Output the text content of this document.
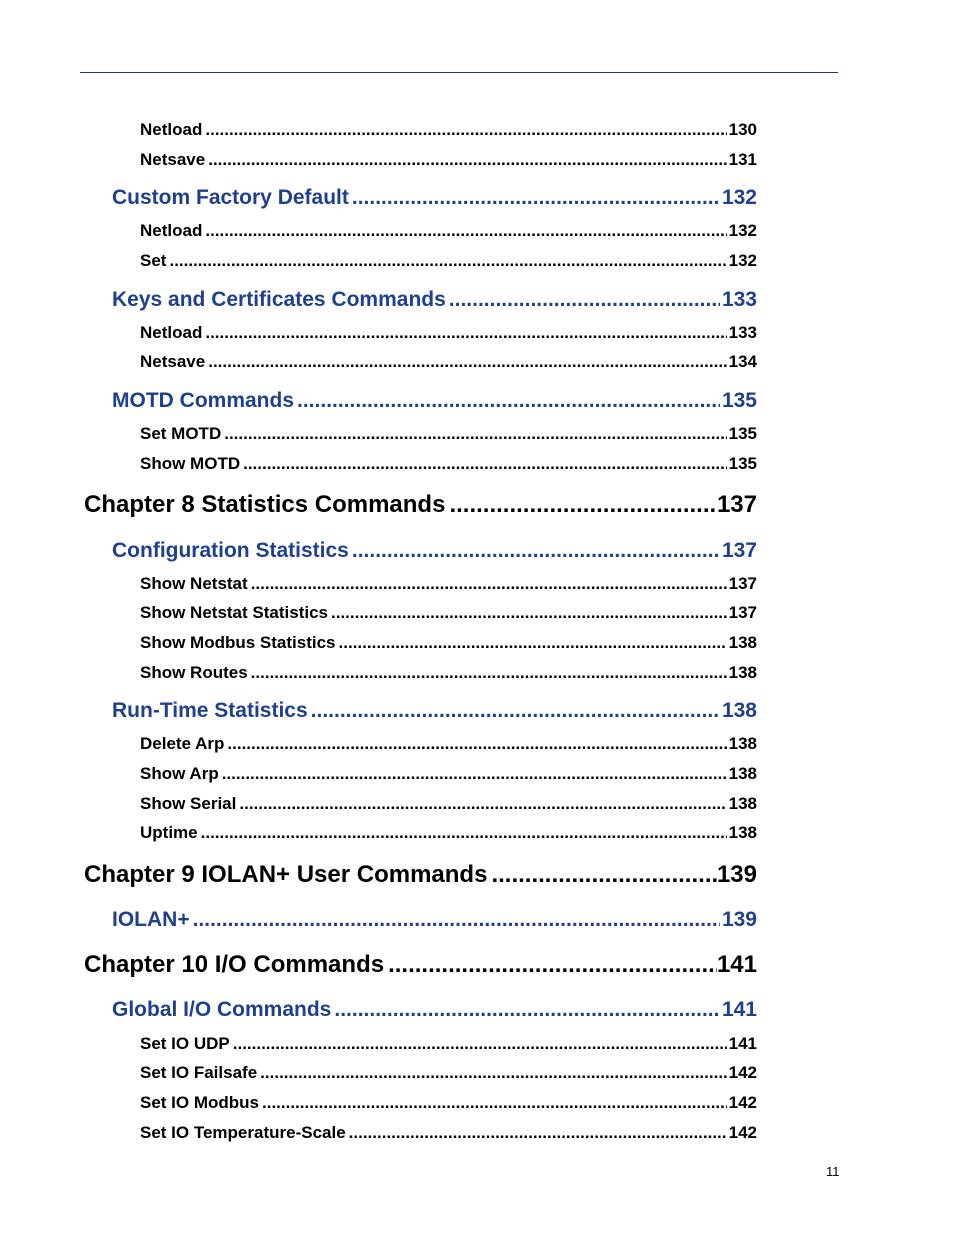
Netload .....	130
Netsave .....	131
Custom Factory Default .....	132
Netload .....	132
Set .....	132
Keys and Certificates Commands .....	133
Netload .....	133
Netsave .....	134
MOTD Commands .....	135
Set MOTD .....	135
Show MOTD .....	135
Chapter 8 Statistics Commands .....	137
Configuration Statistics .....	137
Show Netstat .....	137
Show Netstat Statistics .....	137
Show Modbus Statistics .....	138
Show Routes .....	138
Run-Time Statistics .....	138
Delete Arp .....	138
Show Arp .....	138
Show Serial .....	138
Uptime .....	138
Chapter 9 IOLAN+ User Commands .....	139
IOLAN+ .....	139
Chapter 10 I/O Commands .....	141
Global I/O Commands .....	141
Set IO UDP .....	141
Set IO Failsafe .....	142
Set IO Modbus .....	142
Set IO Temperature-Scale .....	142
11
